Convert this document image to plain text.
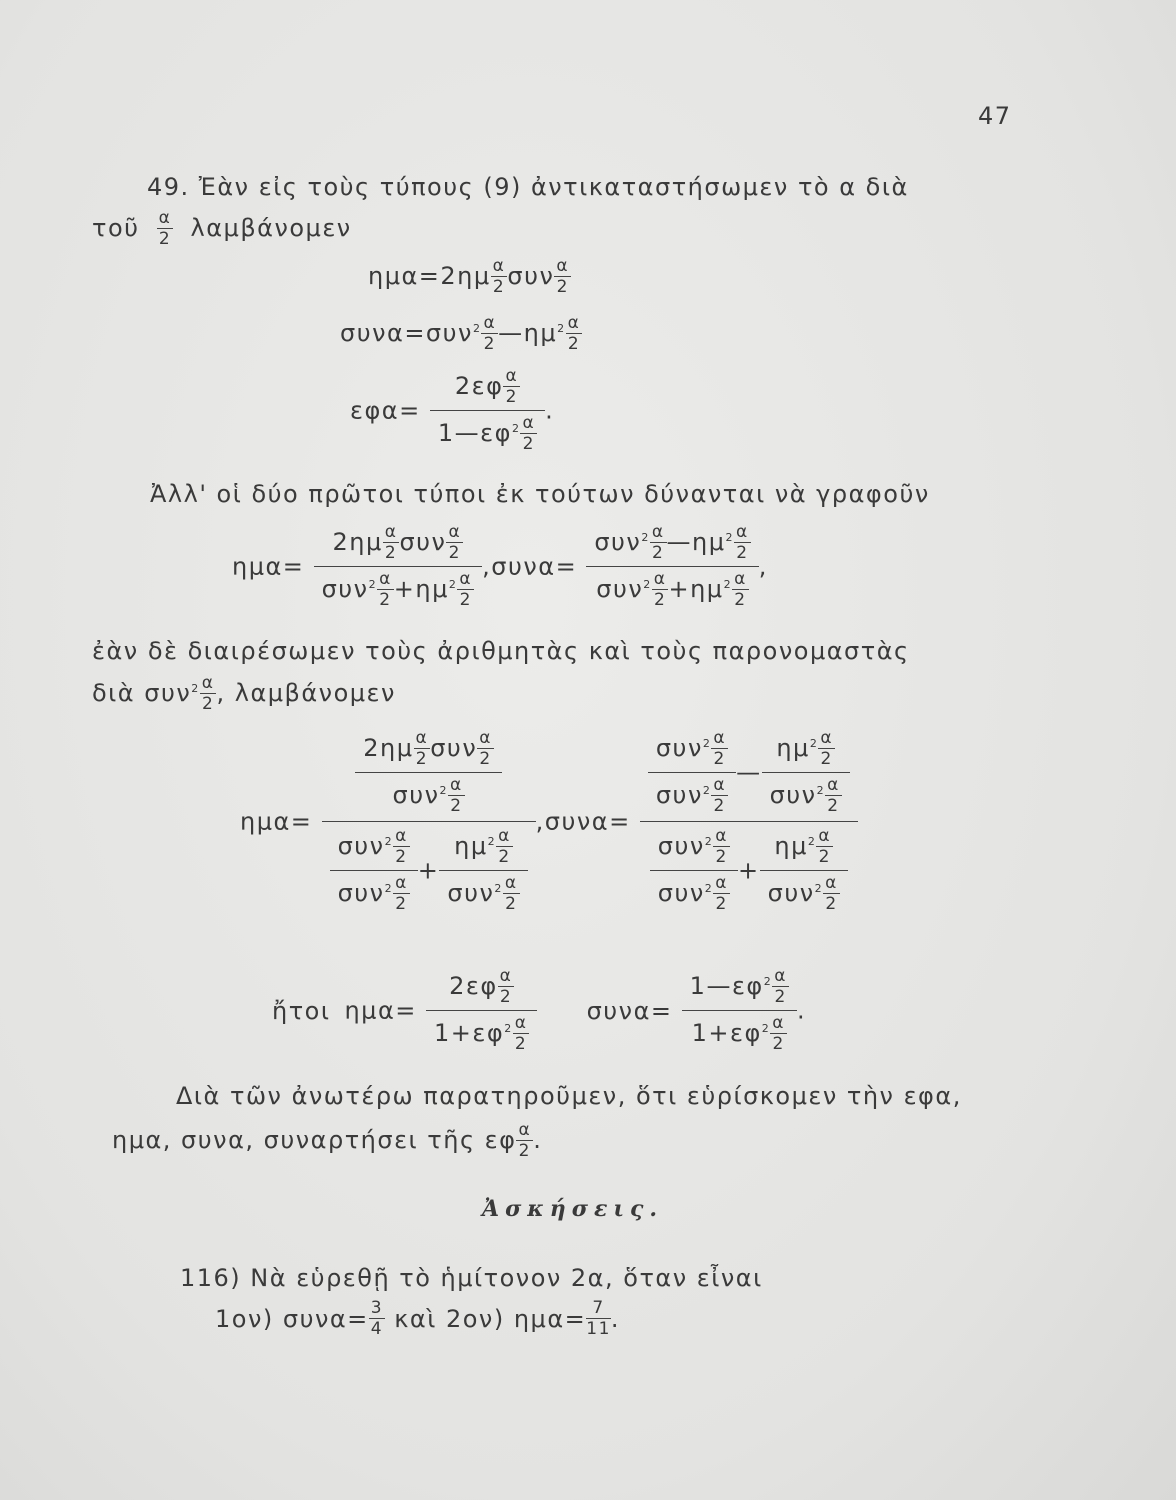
47
49. Ἐὰν εἰς τοὺς τύπους (9) ἀντικαταστήσωμεν τὸ α διὰ
τοῦ $\frac{\alpha}{2}$ λαμβάνομεν
$\eta\mu\alpha=2\eta\mu \frac{\alpha}{2}$ συν $\frac{\alpha}{2}$
$\sigma\upsilon\nu\alpha=\sigma\upsilon\nu^2 \frac{\alpha}{2}$ $—\eta\mu^2 \frac{\alpha}{2}$
$\varepsilon\varphi\alpha= \frac{2\varepsilon\varphi \frac{\alpha}{2}}{1—\varepsilon\varphi^2 \frac{\alpha}{2}}$ .
Ἀλλ' οἱ δύο πρῶτοι τύποι ἐκ τούτων δύνανται νὰ γραφοῦν
$\eta\mu\alpha= \frac{2\eta\mu \frac{\alpha}{2} \sigma\upsilon\nu \frac{\alpha}{2}}{\sigma\upsilon\nu^2 \frac{\alpha}{2} +\eta\mu^2 \frac{\alpha}{2}} ,\sigma\upsilon\nu\alpha= \frac{\sigma\upsilon\nu^2 \frac{\alpha}{2} —\eta\mu^2 \frac{\alpha}{2}}{\sigma\upsilon\nu^2 \frac{\alpha}{2} +\eta\mu^2 \frac{\alpha}{2}}$ ,
ἐὰν δὲ διαιρέσωμεν τοὺς ἀριθμητὰς καὶ τοὺς παρονομαστὰς
διὰ $\sigma\upsilon\nu^2 \frac{\alpha}{2}$ , λαμβάνομεν
ημα=
$\frac{2\eta\mu \frac{\alpha}{2} \sigma\upsilon\nu \frac{\alpha}{2}}{\sigma\upsilon\nu^2 \frac{\alpha}{2}}$
$\frac{\sigma\upsilon\nu^2 \frac{\alpha}{2}}{\sigma\upsilon\nu^2 \frac{\alpha}{2}} + \frac{\eta\mu^2 \frac{\alpha}{2}}{\sigma\upsilon\nu^2 \frac{\alpha}{2}}$
,συνα=
$\frac{\sigma\upsilon\nu^2 \frac{\alpha}{2}}{\sigma\upsilon\nu^2 \frac{\alpha}{2}}$ — $\frac{\eta\mu^2 \frac{\alpha}{2}}{\sigma\upsilon\nu^2 \frac{\alpha}{2}}$
$\frac{\sigma\upsilon\nu^2 \frac{\alpha}{2}}{\sigma\upsilon\nu^2 \frac{\alpha}{2}} + \frac{\eta\mu^2 \frac{\alpha}{2}}{\sigma\upsilon\nu^2 \frac{\alpha}{2}}$
ἤτοι $\eta\mu\alpha= \frac{2\varepsilon\varphi \frac{\alpha}{2}}{1+\varepsilon\varphi^2 \frac{\alpha}{2}} \sigma\upsilon\nu\alpha= \frac{1—\varepsilon\varphi^2 \frac{\alpha}{2}}{1+\varepsilon\varphi^2 \frac{\alpha}{2}}$ .
Διὰ τῶν ἀνωτέρω παρατηροῦμεν, ὅτι εὑρίσκομεν τὴν εφα,
ημα, συνα, συναρτήσει τῆς εφ $\frac{\alpha}{2}$ .
Ἀσκήσεις.
116) Νὰ εὑρεθῇ τὸ ἡμίτονον 2α, ὅταν εἶναι
1ον) $\sigma\upsilon\nu\alpha= \frac{3}{4}$ καὶ 2ον) $\eta\mu\alpha= \frac{7}{11}$ .
